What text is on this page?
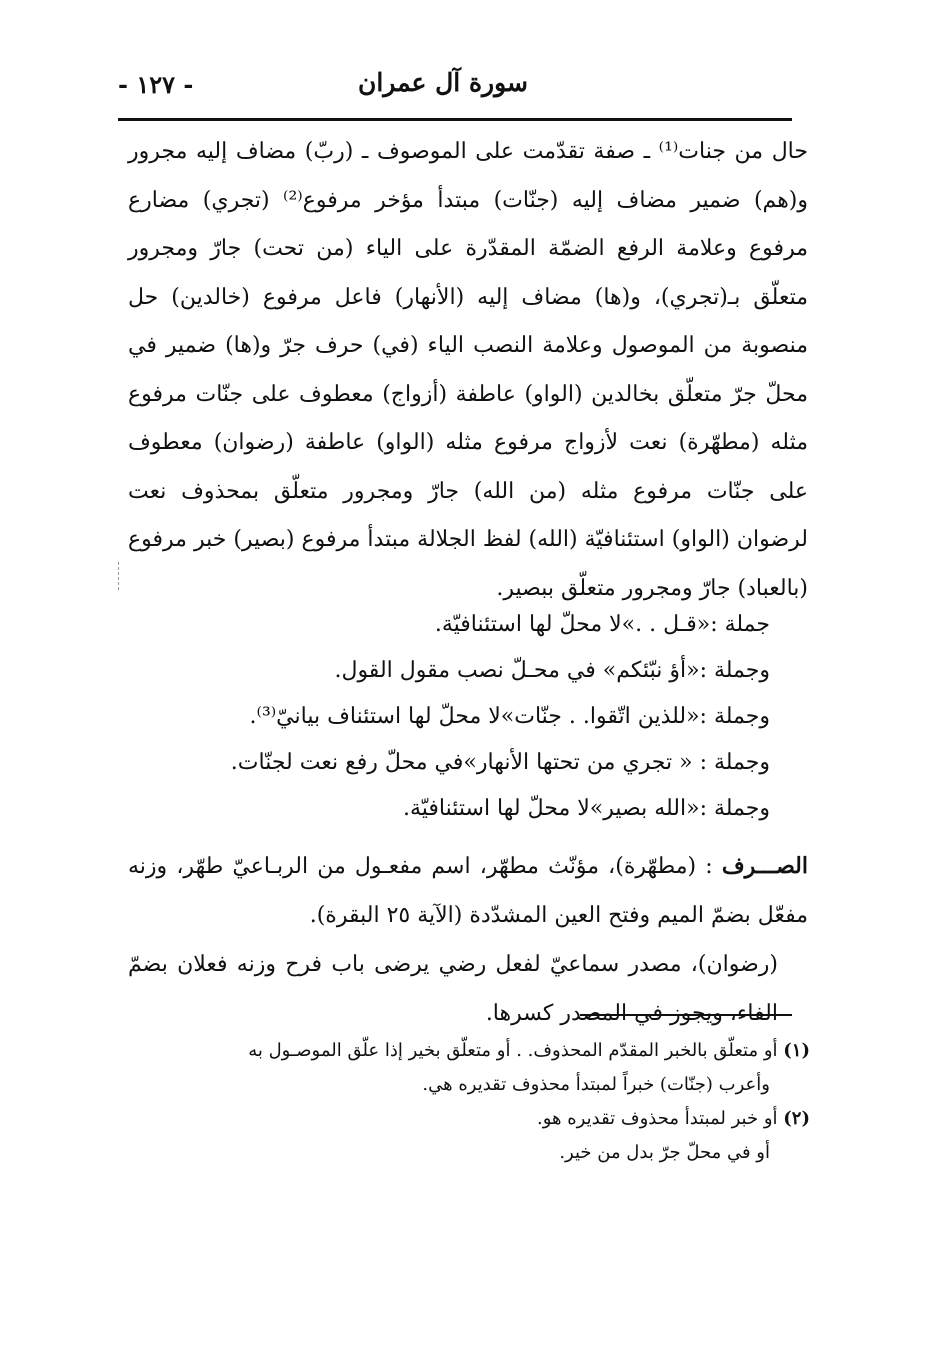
سورة آل عمران
- ١٢٧ -

حال من جنات⁽¹⁾ ـ صفة تقدّمت على الموصوف ـ (ربّ) مضاف إليه مجرور و(هم) ضمير مضاف إليه (جنّات) مبتدأ مؤخر مرفوع⁽²⁾ (تجري) مضارع مرفوع وعلامة الرفع الضمّة المقدّرة على الياء (من تحت) جارّ ومجرور متعلّق بـ(تجري)، و(ها) مضاف إليه (الأنهار) فاعل مرفوع (خالدين) حل منصوبة من الموصول وعلامة النصب الياء (في) حرف جرّ و(ها) ضمير في محلّ جرّ متعلّق بخالدين (الواو) عاطفة (أزواج) معطوف على جنّات مرفوع مثله (مطهّرة) نعت لأزواج مرفوع مثله (الواو) عاطفة (رضوان) معطوف على جنّات مرفوع مثله (من الله) جارّ ومجرور متعلّق بمحذوف نعت لرضوان (الواو) استئنافيّة (الله) لفظ الجلالة مبتدأ مرفوع (بصير) خبر مرفوع (بالعباد) جارّ ومجرور متعلّق ببصير.

جملة :«قـل . .»لا محلّ لها استئنافيّة.
وجملة :«أؤ نبّئكم» في محـلّ نصب مقول القول.
وجملة :«للذين اتّقوا. . جنّات»لا محلّ لها استئناف بيانيّ⁽³⁾.
وجملة : « تجري من تحتها الأنهار»في محلّ رفع نعت لجنّات.
وجملة :«الله بصير»لا محلّ لها استئنافيّة.

الصـــرف : (مطهّرة)، مؤنّث مطهّر، اسم مفعـول من الربـاعيّ طهّر، وزنه مفعّل بضمّ الميم وفتح العين المشدّدة (الآية ٢٥ البقرة).

(رضوان)، مصدر سماعيّ لفعل رضي يرضى باب فرح وزنه فعلان بضمّ الفاء، ويجوز في المصدر كسرها.

(١) أو متعلّق بالخبر المقدّم المحذوف. . أو متعلّق بخير إذا علّق الموصـول به
وأعرب (جنّات) خبراً لمبتدأ محذوف تقديره هي.
(٢) أو خبر لمبتدأ محذوف تقديره هو.
أو في محلّ جرّ بدل من خير.
